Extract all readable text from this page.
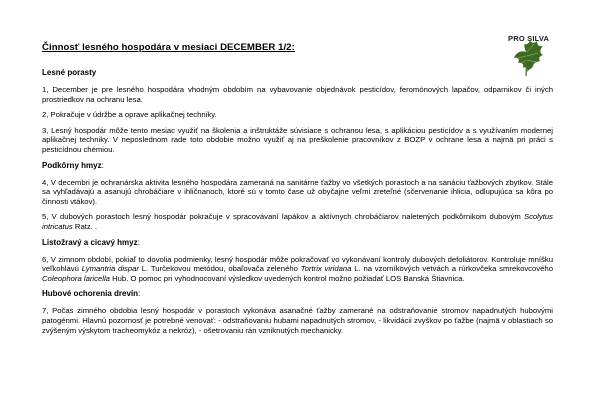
Činnosť lesného hospodára v mesiaci DECEMBER 1/2:
PRO SILVA
Lesné porasty
1, December je pre lesného hospodára vhodným obdobím na vybavovanie objednávok pesticídov, feromónových lapačov, odparnikov či iných prostriedkov na ochranu lesa.
2, Pokračuje v údržbe a oprave aplikačnej techniky.
3, Lesný hospodár môže tento mesiac využiť na školenia a inštruktáže súvisiace s ochranou lesa, s aplikáciou pesticídov a s využívaním modernej aplikačnej techniky. V neposlednom rade toto obdobie možno využiť aj na preškolenie pracovníkov z BOZP v ochrane lesa a najmä pri práci s pesticídnou chémiou.
Podkôrny hmyz:
4, V decembri je ochranárska aktivita lesného hospodára zameraná na sanitárne ťažby vo všetkých porastoch a na sanáciu ťažbových zbytkov. Stále sa vyhľadávajú a asanujú chrobáčiare v ihličnanoch, ktoré sú v tomto čase už obyčajne veľmi zreteľné (sčervenanie ihlicia, odlupujúca sa kôra po činnosti vtákov).
5, V dubových porastoch lesný hospodár pokračuje v spracovávaní lapákov a aktívnych chrobáčiarov naletených podkôrnikom dubovým Scolytus intricatus Ratz. .
Listožravý a cicavý hmyz:
6, V zimnom období, pokiaľ to dovolia podmienky, lesný hospodár môže pokračovať vo vykonávaní kontroly dubových defoliátorov. Kontroluje mníšku veľkohlavú Lymantria dispar L. Turčekovou metódou, obaľovača zeleného Tortrix viridana L. na vzorníkových vetvách a rúrkovčeka smrekovcového Coleophora laricella Hub. O pomoc pri vyhodnocovaní výsledkov uvedených kontrol možno požiadať LOS Banská Štiavnica.
Hubové ochorenia drevín:
7, Počas zimného obdobia lesný hospodár v porastoch vykonáva asanačné ťažby zamerané na odstraňovanie stromov napadnutých hubovými patogénmi. Hlavnú pozornosť je potrebné venovať: - odstraňovaniu hubami napadnutých stromov, - likvidácii zvyškov po ťažbe (najmä v oblastiach so zvýšeným výskytom tracheomykóz a nekróz), - ošetrovaniu rán vzniknutých mechanicky.
